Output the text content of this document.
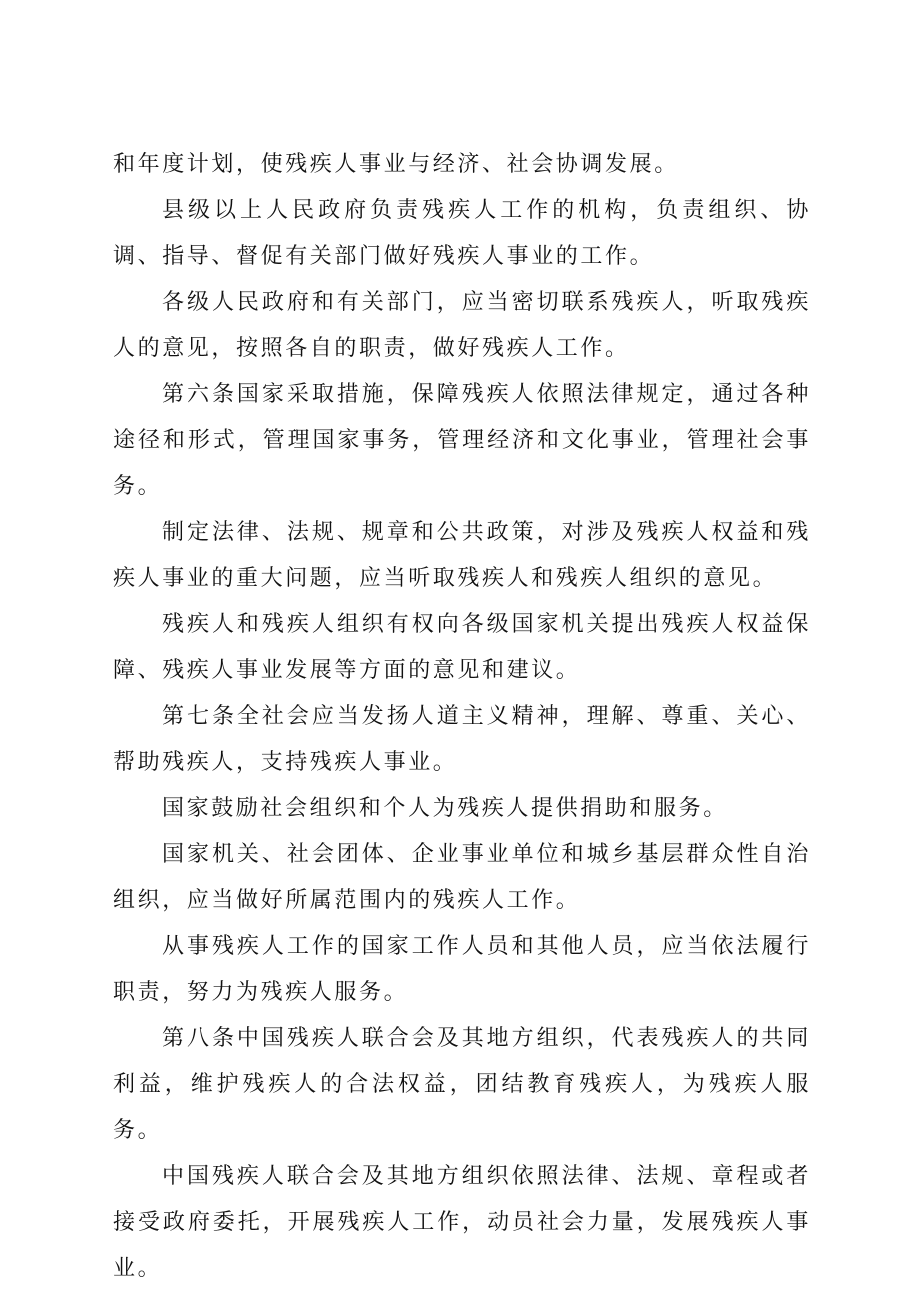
和年度计划，使残疾人事业与经济、社会协调发展。

县级以上人民政府负责残疾人工作的机构，负责组织、协调、指导、督促有关部门做好残疾人事业的工作。

各级人民政府和有关部门，应当密切联系残疾人，听取残疾人的意见，按照各自的职责，做好残疾人工作。

第六条国家采取措施，保障残疾人依照法律规定，通过各种途径和形式，管理国家事务，管理经济和文化事业，管理社会事务。

制定法律、法规、规章和公共政策，对涉及残疾人权益和残疾人事业的重大问题，应当听取残疾人和残疾人组织的意见。

残疾人和残疾人组织有权向各级国家机关提出残疾人权益保障、残疾人事业发展等方面的意见和建议。

第七条全社会应当发扬人道主义精神，理解、尊重、关心、帮助残疾人，支持残疾人事业。

国家鼓励社会组织和个人为残疾人提供捐助和服务。

国家机关、社会团体、企业事业单位和城乡基层群众性自治组织，应当做好所属范围内的残疾人工作。

从事残疾人工作的国家工作人员和其他人员，应当依法履行职责，努力为残疾人服务。

第八条中国残疾人联合会及其地方组织，代表残疾人的共同利益，维护残疾人的合法权益，团结教育残疾人，为残疾人服务。

中国残疾人联合会及其地方组织依照法律、法规、章程或者接受政府委托，开展残疾人工作，动员社会力量，发展残疾人事业。
